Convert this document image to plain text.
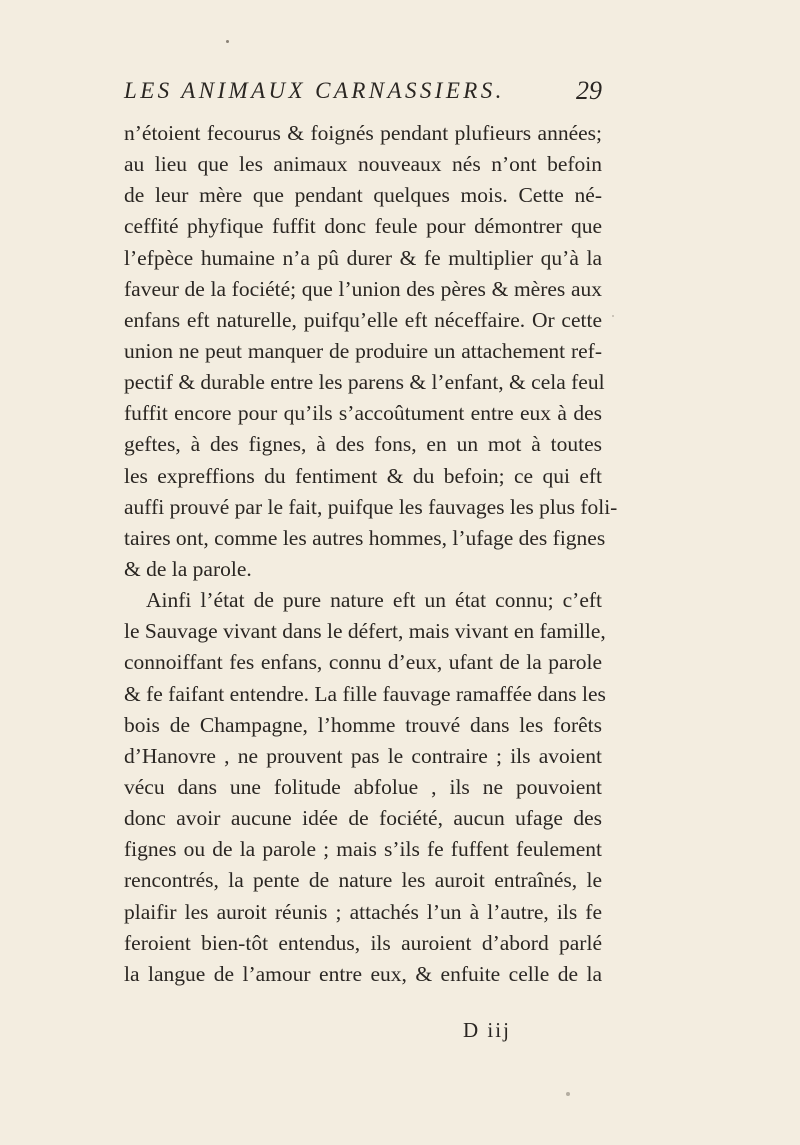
LES ANIMAUX CARNASSIERS.	29
n’étoient fecourus & foignés pendant plufieurs années;
au lieu que les animaux nouveaux nés n’ont befoin
de leur mère que pendant quelques mois. Cette né-
ceffité phyfique fuffit donc feule pour démontrer que
l’efpèce humaine n’a pû durer & fe multiplier qu’à la
faveur de la fociété; que l’union des pères & mères aux
enfans eft naturelle, puifqu’elle eft néceffaire. Or cette
union ne peut manquer de produire un attachement ref-
pectif & durable entre les parens & l’enfant, & cela feul
fuffit encore pour qu’ils s’accoûtument entre eux à des
geftes, à des fignes, à des fons, en un mot à toutes
les expreffions du fentiment & du befoin; ce qui eft
auffi prouvé par le fait, puifque les fauvages les plus foli-
taires ont, comme les autres hommes, l’ufage des fignes
& de la parole.
Ainfi l’état de pure nature eft un état connu; c’eft
le Sauvage vivant dans le défert, mais vivant en famille,
connoiffant fes enfans, connu d’eux, ufant de la parole
& fe faifant entendre. La fille fauvage ramaffée dans les
bois de Champagne, l’homme trouvé dans les forêts
d’Hanovre , ne prouvent pas le contraire ; ils avoient
vécu dans une folitude abfolue , ils ne pouvoient
donc avoir aucune idée de fociété, aucun ufage des
fignes ou de la parole ; mais s’ils fe fuffent feulement
rencontrés, la pente de nature les auroit entraînés, le
plaifir les auroit réunis ; attachés l’un à l’autre, ils fe
feroient bien-tôt entendus, ils auroient d’abord parlé
la langue de l’amour entre eux, & enfuite celle de la
D iij
